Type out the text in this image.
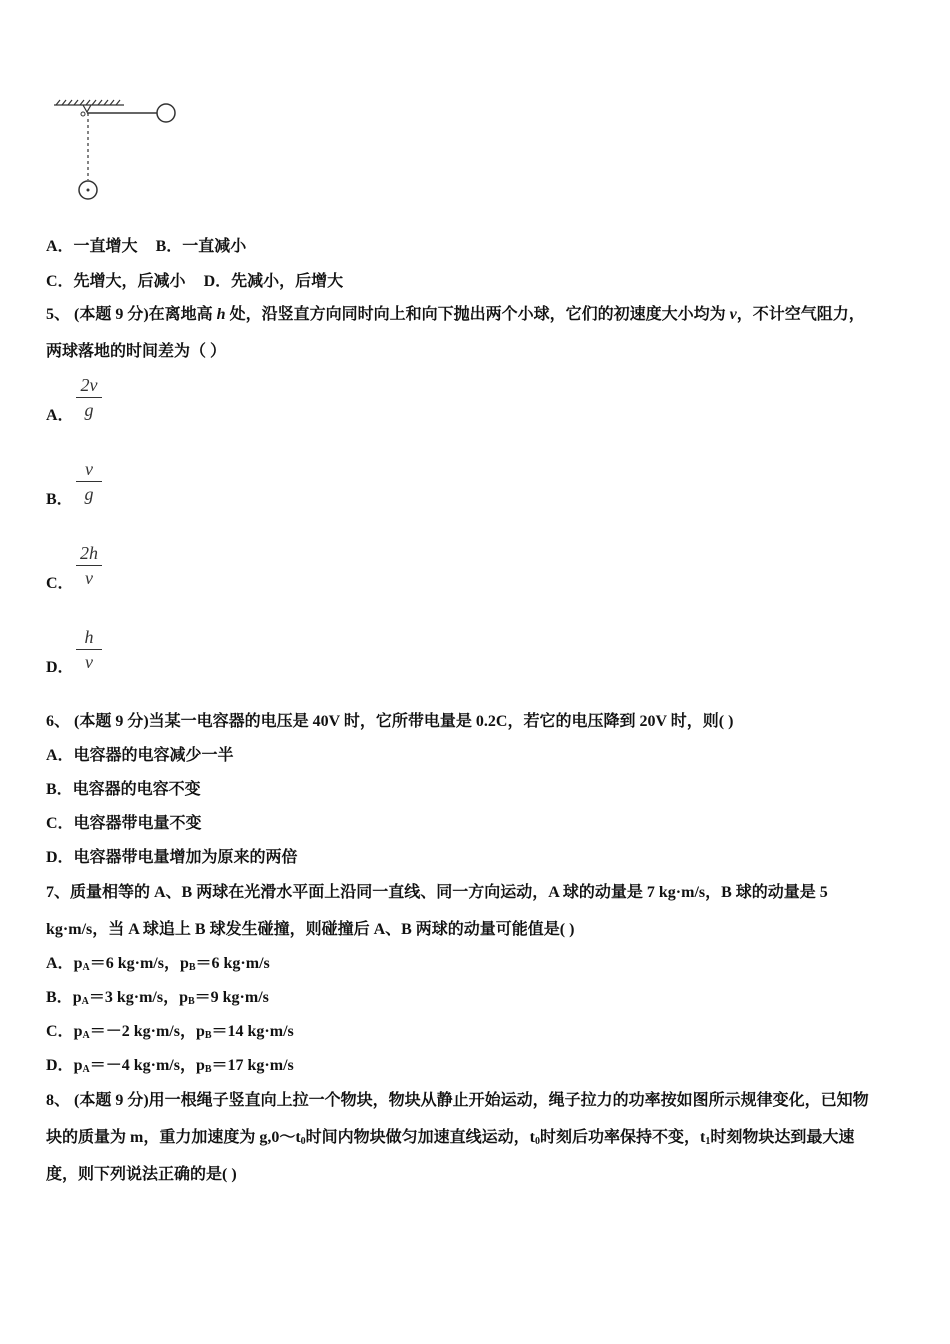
A．一直增大 B．一直减小
C．先增大，后减小 D．先减小，后增大
5、 (本题 9 分)在离地高 h 处，沿竖直方向同时向上和向下抛出两个小球，它们的初速度大小均为 v，不计空气阻力，
两球落地的时间差为（ ）
A．
2v
g
B．
v
g
C．
2h
v
D．
h
v
6、 (本题 9 分)当某一电容器的电压是 40V 时，它所带电量是 0.2C，若它的电压降到 20V 时，则( )
A．电容器的电容减少一半
B．电容器的电容不变
C．电容器带电量不变
D．电容器带电量增加为原来的两倍
7、质量相等的 A、B 两球在光滑水平面上沿同一直线、同一方向运动，A 球的动量是 7 kg·m/s，B 球的动量是 5
kg·m/s，当 A 球追上 B 球发生碰撞，则碰撞后 A、B 两球的动量可能值是( )
A．$p_A=6$ kg·m/s，$p_B=6$ kg·m/s
B．$p_A=3$ kg·m/s，$p_B=9$ kg·m/s
C．$p_A=-2$ kg·m/s，$p_B=14$ kg·m/s
D．$p_A=-4$ kg·m/s，$p_B=17$ kg·m/s
8、 (本题 9 分)用一根绳子竖直向上拉一个物块，物块从静止开始运动，绳子拉力的功率按如图所示规律变化，已知物
块的质量为 m，重力加速度为 $g,0\sim t_0$时间内物块做匀加速直线运动，$t_0$时刻后功率保持不变，$t_1$时刻物块达到最大速
度，则下列说法正确的是( )
